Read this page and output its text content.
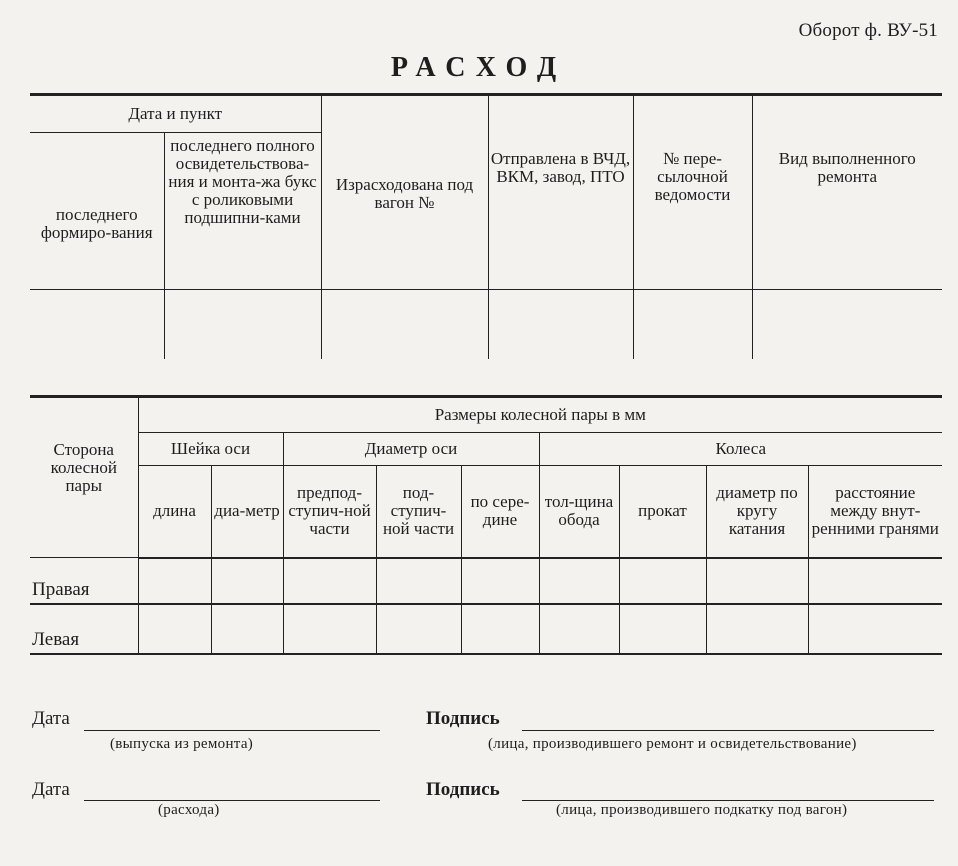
Оборот ф. ВУ-51
РАСХОД
Дата и пункт		Израсходована под вагон №	Отправлена в ВЧД, ВКМ, завод, ПТО	№ пере-сылочной ведомости	Вид выполненного ремонта
последнего формиро-вания	последнего полного освидетельствова-ния и монта-жа букс с роликовыми подшипни-ками				

Сторона колесной пары	Размеры колесной пары в мм								
	Шейка оси		Диаметр оси			Колеса			
	длина	диа-метр	предпод-ступич-ной части	под-ступич-ной части	по сере-дине	тол-щина обода	прокат	диаметр по кругу катания	расстояние между внут-ренними гранями
Правая									
Левая									
Дата
(выпуска из ремонта)
Подпись
(лица, производившего ремонт и освидетельствование)
Дата
(расхода)
Подпись
(лица, производившего подкатку под вагон)
